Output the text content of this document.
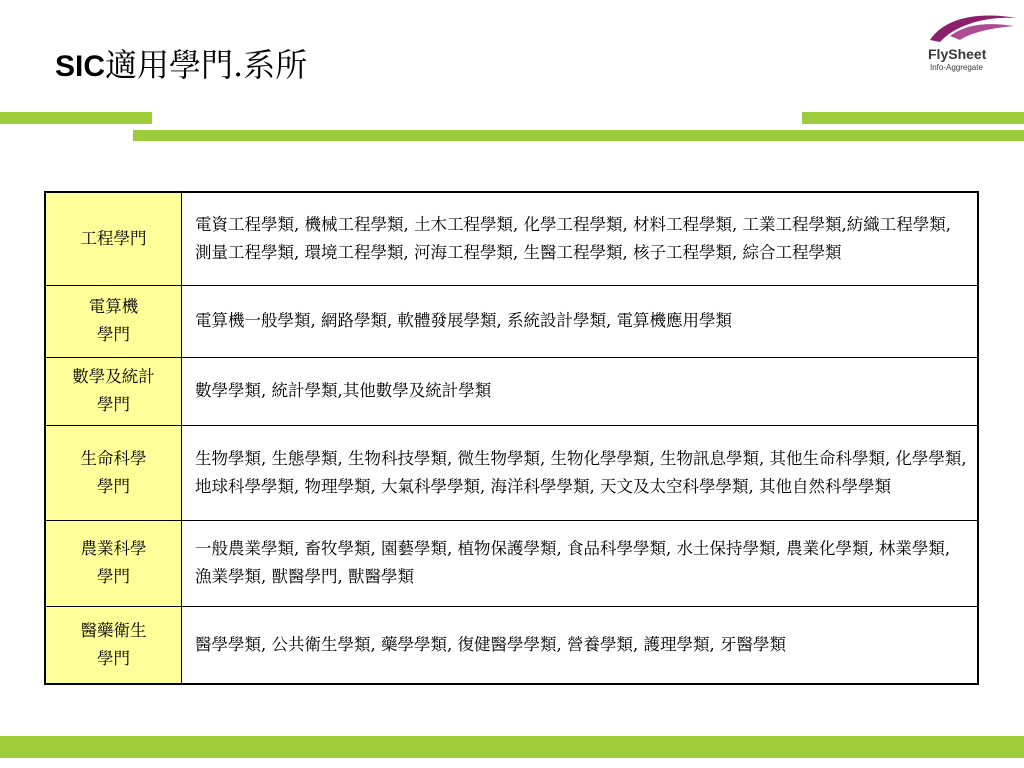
SIC適用學門.系所	FlySheet
Info-Aggregate
工程學門	電資工程學類, 機械工程學類, 土木工程學類, 化學工程學類, 材料工程學類, 工業工程學類,紡織工程學類, 測量工程學類, 環境工程學類, 河海工程學類, 生醫工程學類, 核子工程學類, 綜合工程學類
電算機
學門	電算機一般學類, 網路學類, 軟體發展學類, 系統設計學類, 電算機應用學類
數學及統計
學門	數學學類, 統計學類,其他數學及統計學類
生命科學
學門	生物學類, 生態學類, 生物科技學類, 微生物學類, 生物化學學類, 生物訊息學類, 其他生命科學類, 化學學類, 地球科學學類, 物理學類, 大氣科學學類, 海洋科學學類, 天文及太空科學學類, 其他自然科學學類
農業科學
學門	一般農業學類, 畜牧學類, 園藝學類, 植物保護學類, 食品科學學類, 水土保持學類, 農業化學類, 林業學類, 漁業學類, 獸醫學門, 獸醫學類
醫藥衛生
學門	醫學學類, 公共衛生學類, 藥學學類, 復健醫學學類, 營養學類, 護理學類, 牙醫學類
